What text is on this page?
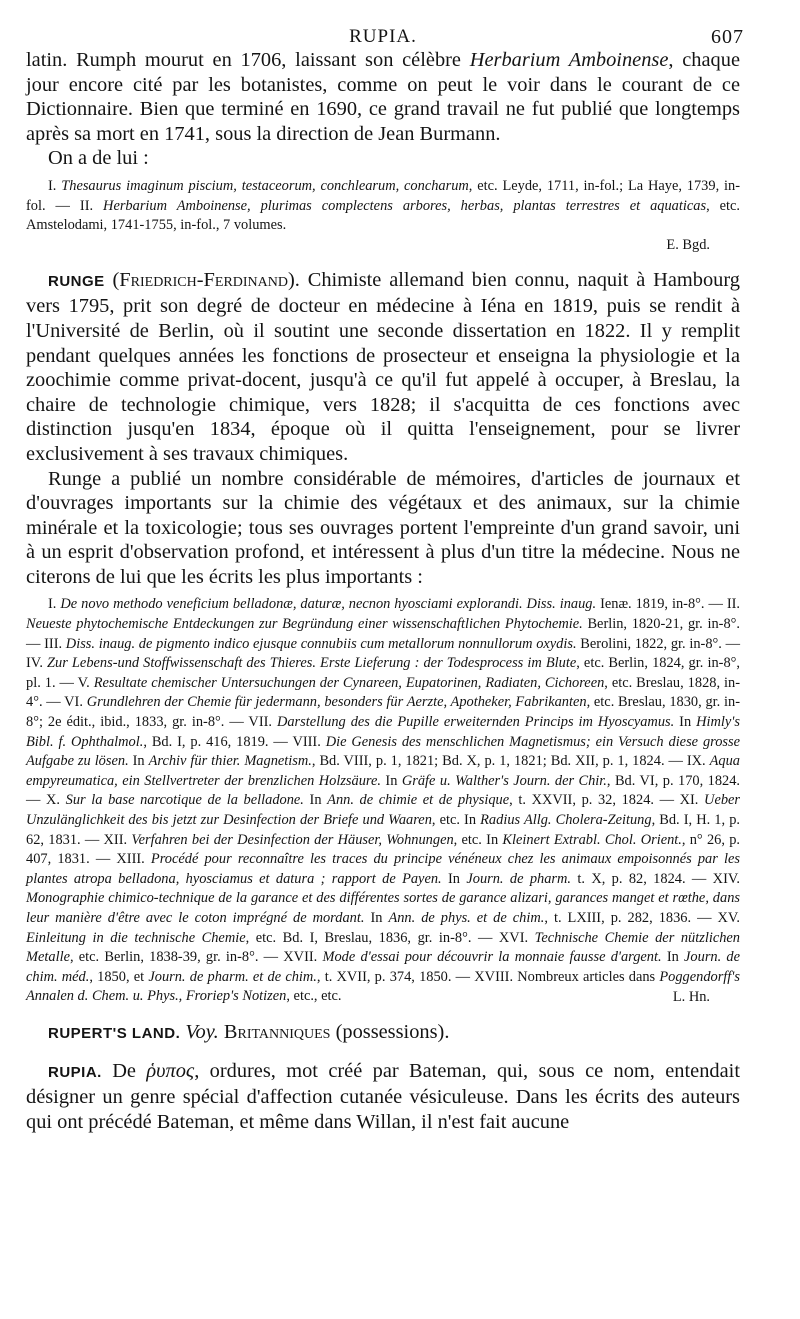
RUPIA.	607

latin. Rumph mourut en 1706, laissant son célèbre Herbarium Amboinense, chaque jour encore cité par les botanistes, comme on peut le voir dans le courant de ce Dictionnaire. Bien que terminé en 1690, ce grand travail ne fut publié que longtemps après sa mort en 1741, sous la direction de Jean Burmann.

On a de lui :

I. Thesaurus imaginum piscium, testaceorum, conchlearum, concharum, etc. Leyde, 1711, in-fol.; La Haye, 1739, in-fol. — II. Herbarium Amboinense, plurimas complectens arbores, herbas, plantas terrestres et aquaticas, etc. Amstelodami, 1741-1755, in-fol., 7 volumes.

E. Bgd.

RUNGE (Friedrich-Ferdinand). Chimiste allemand bien connu, naquit à Hambourg vers 1795, prit son degré de docteur en médecine à Iéna en 1819, puis se rendit à l'Université de Berlin, où il soutint une seconde dissertation en 1822. Il y remplit pendant quelques années les fonctions de prosecteur et enseigna la physiologie et la zoochimie comme privat-docent, jusqu'à ce qu'il fut appelé à occuper, à Breslau, la chaire de technologie chimique, vers 1828; il s'acquitta de ces fonctions avec distinction jusqu'en 1834, époque où il quitta l'enseignement, pour se livrer exclusivement à ses travaux chimiques.

Runge a publié un nombre considérable de mémoires, d'articles de journaux et d'ouvrages importants sur la chimie des végétaux et des animaux, sur la chimie minérale et la toxicologie; tous ses ouvrages portent l'empreinte d'un grand savoir, uni à un esprit d'observation profond, et intéressent à plus d'un titre la médecine. Nous ne citerons de lui que les écrits les plus importants :

I. De novo methodo veneficium belladonæ, daturæ, necnon hyosciami explorandi. Diss. inaug. Ienæ. 1819, in-8°. — II. Neueste phytochemische Entdeckungen zur Begründung einer wissenschaftlichen Phytochemie. Berlin, 1820-21, gr. in-8°. — III. Diss. inaug. de pigmento indico ejusque connubiis cum metallorum nonnullorum oxydis. Berolini, 1822, gr. in-8°. — IV. Zur Lebens-und Stoffwissenschaft des Thieres. Erste Lieferung : der Todesprocess im Blute, etc. Berlin, 1824, gr. in-8°, pl. 1. — V. Resultate chemischer Untersuchungen der Cynareen, Eupatorinen, Radiaten, Cichoreen, etc. Breslau, 1828, in-4°. — VI. Grundlehren der Chemie für jedermann, besonders für Aerzte, Apotheker, Fabrikanten, etc. Breslau, 1830, gr. in-8°; 2e édit., ibid., 1833, gr. in-8°. — VII. Darstellung des die Pupille erweiternden Princips im Hyoscyamus. In Himly's Bibl. f. Ophthalmol., Bd. I, p. 416, 1819. — VIII. Die Genesis des menschlichen Magnetismus; ein Versuch diese grosse Aufgabe zu lösen. In Archiv für thier. Magnetism., Bd. VIII, p. 1, 1821; Bd. X, p. 1, 1821; Bd. XII, p. 1, 1824. — IX. Aqua empyreumatica, ein Stellvertreter der brenzlichen Holzsäure. In Gräfe u. Walther's Journ. der Chir., Bd. VI, p. 170, 1824. — X. Sur la base narcotique de la belladone. In Ann. de chimie et de physique, t. XXVII, p. 32, 1824. — XI. Ueber Unzulänglichkeit des bis jetzt zur Desinfection der Briefe und Waaren, etc. In Radius Allg. Cholera-Zeitung, Bd. I, H. 1, p. 62, 1831. — XII. Verfahren bei der Desinfection der Häuser, Wohnungen, etc. In Kleinert Extrabl. Chol. Orient., n° 26, p. 407, 1831. — XIII. Procédé pour reconnaître les traces du principe vénéneux chez les animaux empoisonnés par les plantes atropa belladona, hyosciamus et datura ; rapport de Payen. In Journ. de pharm. t. X, p. 82, 1824. — XIV. Monographie chimico-technique de la garance et des différentes sortes de garance alizari, garances manget et rœthe, dans leur manière d'être avec le coton imprégné de mordant. In Ann. de phys. et de chim., t. LXIII, p. 282, 1836. — XV. Einleitung in die technische Chemie, etc. Bd. I, Breslau, 1836, gr. in-8°. — XVI. Technische Chemie der nützlichen Metalle, etc. Berlin, 1838-39, gr. in-8°. — XVII. Mode d'essai pour découvrir la monnaie fausse d'argent. In Journ. de chim. méd., 1850, et Journ. de pharm. et de chim., t. XVII, p. 374, 1850. — XVIII. Nombreux articles dans Poggendorff's Annalen d. Chem. u. Phys., Froriep's Notizen, etc., etc.	L. Hn.

RUPERT'S LAND. Voy. Britanniques (possessions).

RUPIA. De ῥυπος, ordures, mot créé par Bateman, qui, sous ce nom, entendait désigner un genre spécial d'affection cutanée vésiculeuse. Dans les écrits des auteurs qui ont précédé Bateman, et même dans Willan, il n'est fait aucune
